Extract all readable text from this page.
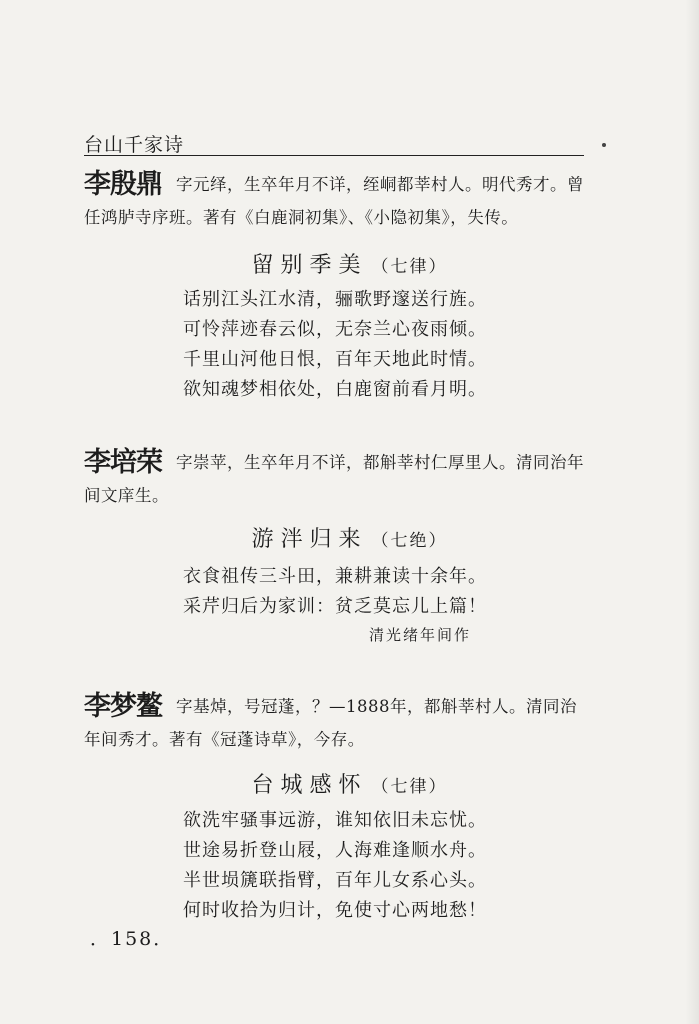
台山千家诗
李殷鼎 字元绎，生卒年月不详，绖峒都莘村人。明代秀才。曾任鸿胪寺序班。著有《白鹿洞初集》、《小隐初集》，失传。
留别季美 （七律）
话别江头江水清，骊歌野邃送行旌。
可怜萍迹春云似，无奈兰心夜雨倾。
千里山河他日恨，百年天地此时情。
欲知魂梦相依处，白鹿窗前看月明。
李培荣 字崇苹，生卒年月不详，都斛莘村仁厚里人。清同治年间文庠生。
游泮归来 （七绝）
衣食祖传三斗田，兼耕兼读十余年。
采芹归后为家训：贫乏莫忘儿上篇！
清光绪年间作
李梦鳌 字基焯，号冠蓬，？—1888年，都斛莘村人。清同治年间秀才。著有《冠蓬诗草》，今存。
台城感怀 （七律）
欲洗牢骚事远游，谁知依旧未忘忧。
世途易折登山屐，人海难逢顺水舟。
半世埙篪联指臂，百年儿女系心头。
何时收拾为归计，免使寸心两地愁！
．158．
